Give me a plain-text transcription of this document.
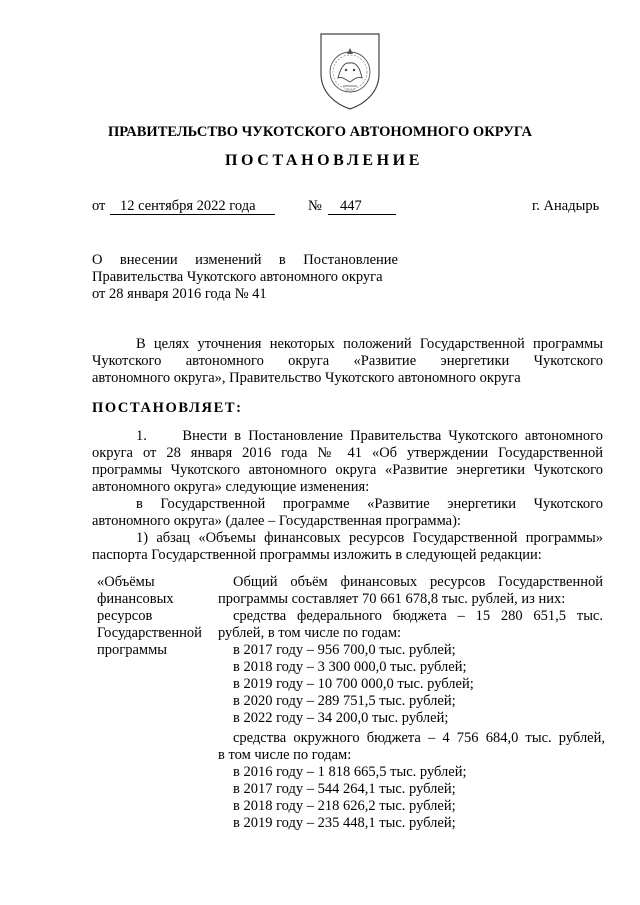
ПРАВИТЕЛЬСТВО ЧУКОТСКОГО АВТОНОМНОГО ОКРУГА
ПОСТАНОВЛЕНИЕ
от 12 сентября 2022 года	№ 447	г. Анадырь
О внесении изменений в Постановление
Правительства Чукотского автономного округа
от 28 января 2016 года № 41
В целях уточнения некоторых положений Государственной программы
Чукотского автономного округа «Развитие энергетики Чукотского
автономного округа», Правительство Чукотского автономного округа
ПОСТАНОВЛЯЕТ:
1.     Внести в Постановление Правительства Чукотского автономного
округа от 28 января 2016 года № 41 «Об утверждении Государственной
программы Чукотского автономного округа «Развитие энергетики Чукотского
автономного округа» следующие изменения:
в Государственной программе «Развитие энергетики Чукотского
автономного округа» (далее – Государственная программа):
1) абзац «Объемы финансовых ресурсов Государственной программы»
паспорта Государственной программы изложить в следующей редакции:
«Объёмы
финансовых
ресурсов
Государственной
программы
Общий объём финансовых ресурсов Государственной
программы составляет 70 661 678,8 тыс. рублей, из них:
средства федерального бюджета – 15 280 651,5 тыс.
рублей, в том числе по годам:
в 2017 году – 956 700,0 тыс. рублей;
в 2018 году – 3 300 000,0 тыс. рублей;
в 2019 году – 10 700 000,0 тыс. рублей;
в 2020 году – 289 751,5 тыс. рублей;
в 2022 году – 34 200,0 тыс. рублей;
средства окружного бюджета – 4 756 684,0 тыс. рублей,
в том числе по годам:
в 2016 году – 1 818 665,5 тыс. рублей;
в 2017 году – 544 264,1 тыс. рублей;
в 2018 году – 218 626,2 тыс. рублей;
в 2019 году – 235 448,1 тыс. рублей;
